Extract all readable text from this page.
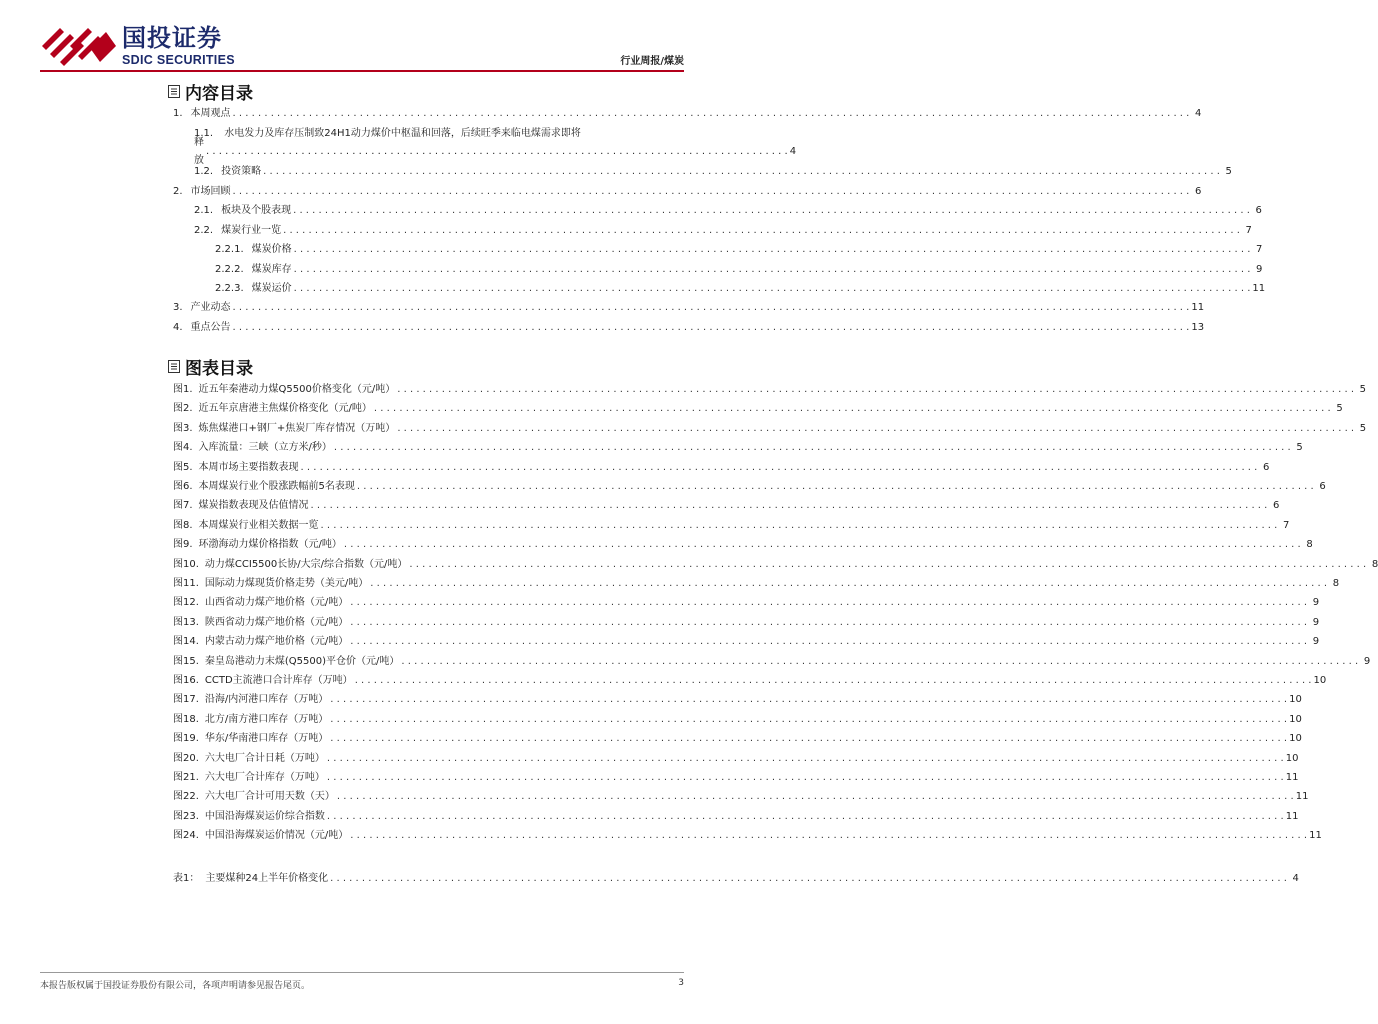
国投证券
SDIC SECURITIES	行业周报/煤炭
内容目录
1. 本周观点 . . .	4
1.1. 水电发力及库存压制致24H1动力煤价中枢温和回落，后续旺季来临电煤需求即将
释放
. . . . . . . . . . . . . . . . . . . . . . . . . . . . . . . . . . . . . . . . . . . . . . . . . . . . . . . . . . . . . . . . . . . . . . . . . . . . . . . . . . . . . . . . . . . . 4
1.2. 投资策略 . . .	5
2. 市场回顾 . . .	6
2.1. 板块及个股表现 . . .	6
2.2. 煤炭行业一览 . . .	7
2.2.1. 煤炭价格 . . .	7
2.2.2. 煤炭库存 . . .	9
2.2.3. 煤炭运价 . . .	11
3. 产业动态 . . .	11
4. 重点公告 . . .	13
图表目录
图1. 近五年秦港动力煤Q5500价格变化（元/吨） . . .	5
图2. 近五年京唐港主焦煤价格变化（元/吨） . . .	5
图3. 炼焦煤港口+钢厂+焦炭厂库存情况（万吨） . . .	5
图4. 入库流量：三峡（立方米/秒） . . .	5
图5. 本周市场主要指数表现 . . .	6
图6. 本周煤炭行业个股涨跌幅前5名表现 . . .	6
图7. 煤炭指数表现及估值情况 . . .	6
图8. 本周煤炭行业相关数据一览 . . .	7
图9. 环渤海动力煤价格指数（元/吨） . . .	8
图10. 动力煤CCI5500长协/大宗/综合指数（元/吨） . . .	8
图11. 国际动力煤现货价格走势（美元/吨） . . .	8
图12. 山西省动力煤产地价格（元/吨） . . .	9
图13. 陕西省动力煤产地价格（元/吨） . . .	9
图14. 内蒙古动力煤产地价格（元/吨） . . .	9
图15. 秦皇岛港动力末煤(Q5500)平仓价（元/吨） . . .	9
图16. CCTD主流港口合计库存（万吨） . . .	10
图17. 沿海/内河港口库存（万吨） . . .	10
图18. 北方/南方港口库存（万吨） . . .	10
图19. 华东/华南港口库存（万吨） . . .	10
图20. 六大电厂合计日耗（万吨） . . .	10
图21. 六大电厂合计库存（万吨） . . .	11
图22. 六大电厂合计可用天数（天） . . .	11
图23. 中国沿海煤炭运价综合指数 . . .	11
图24. 中国沿海煤炭运价情况（元/吨） . . .	11
表1： 主要煤种24上半年价格变化 . . .	4
本报告版权属于国投证券股份有限公司，各项声明请参见报告尾页。	3
